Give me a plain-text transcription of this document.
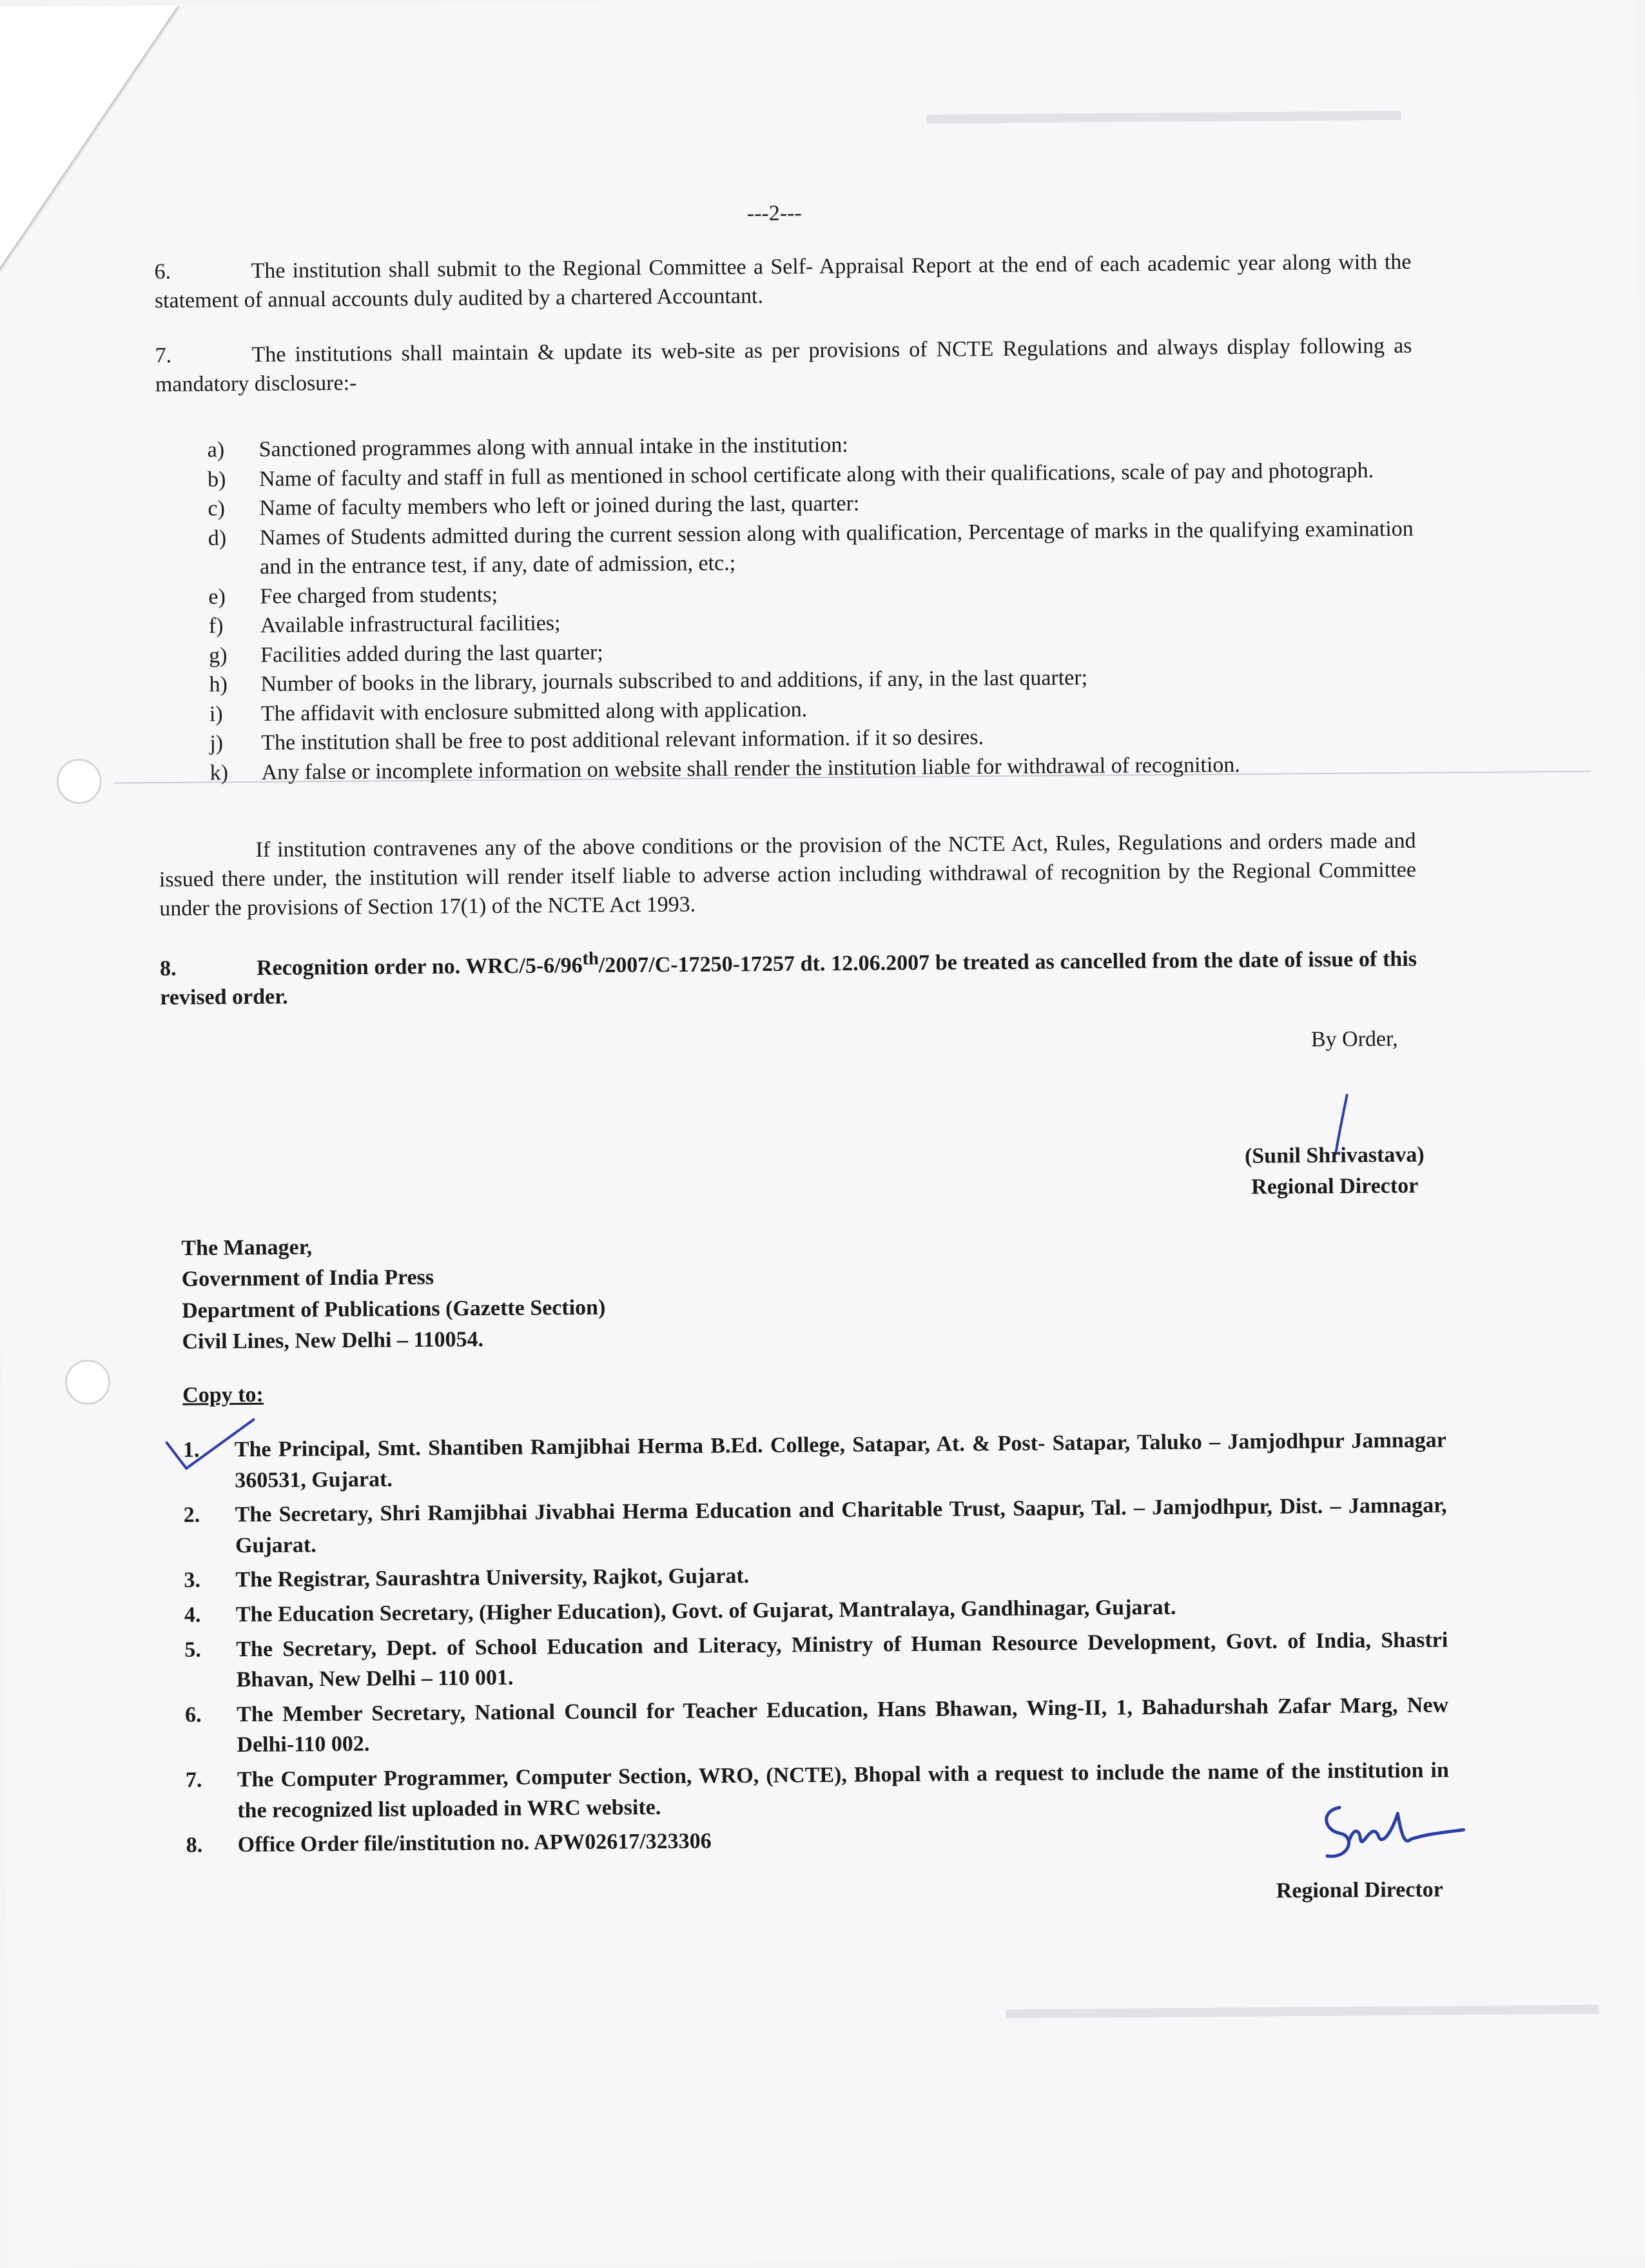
▬▬▬▬▬▬▬▬▬▬▬▬▬▬▬▬
▬▬▬▬▬▬▬▬▬▬▬▬▬▬▬▬▬▬▬▬
---2---
6.	The institution shall submit to the Regional Committee a Self- Appraisal Report at the end of each academic year along with the statement of annual accounts duly audited by a chartered Accountant.
7.	The institutions shall maintain & update its web-site as per provisions of NCTE Regulations and always display following as mandatory disclosure:-
a)	Sanctioned programmes along with annual intake in the institution:
b)	Name of faculty and staff in full as mentioned in school certificate along with their qualifications, scale of pay and photograph.
c)	Name of faculty members who left or joined during the last, quarter:
d)	Names of Students admitted during the current session along with qualification, Percentage of marks in the qualifying examination and in the entrance test, if any, date of admission, etc.;
e)	Fee charged from students;
f)	Available infrastructural facilities;
g)	Facilities added during the last quarter;
h)	Number of books in the library, journals subscribed to and additions, if any, in the last quarter;
i)	The affidavit with enclosure submitted along with application.
j)	The institution shall be free to post additional relevant information. if it so desires.
k)	Any false or incomplete information on website shall render the institution liable for withdrawal of recognition.
If institution contravenes any of the above conditions or the provision of the NCTE Act, Rules, Regulations and orders made and issued there under, the institution will render itself liable to adverse action including withdrawal of recognition by the Regional Committee under the provisions of Section 17(1) of the NCTE Act 1993.
8.	Recognition order no. WRC/5-6/96th/2007/C-17250-17257 dt. 12.06.2007 be treated as cancelled from the date of issue of this revised order.
By Order,
(Sunil Shrivastava)
Regional Director
The Manager,
Government of India Press
Department of Publications (Gazette Section)
Civil Lines, New Delhi – 110054.
Copy to:
1.	The Principal, Smt. Shantiben Ramjibhai Herma B.Ed. College, Satapar, At. & Post- Satapar, Taluko – Jamjodhpur Jamnagar 360531, Gujarat.
2.	The Secretary, Shri Ramjibhai Jivabhai Herma Education and Charitable Trust, Saapur, Tal. – Jamjodhpur, Dist. – Jamnagar, Gujarat.
3.	The Registrar, Saurashtra University, Rajkot, Gujarat.
4.	The Education Secretary, (Higher Education), Govt. of Gujarat, Mantralaya, Gandhinagar, Gujarat.
5.	The Secretary, Dept. of School Education and Literacy, Ministry of Human Resource Development, Govt. of India, Shastri Bhavan, New Delhi – 110 001.
6.	The Member Secretary, National Council for Teacher Education, Hans Bhawan, Wing-II, 1, Bahadurshah Zafar Marg, New Delhi-110 002.
7.	The Computer Programmer, Computer Section, WRO, (NCTE), Bhopal with a request to include the name of the institution in the recognized list uploaded in WRC website.
8.	Office Order file/institution no. APW02617/323306
Regional Director
